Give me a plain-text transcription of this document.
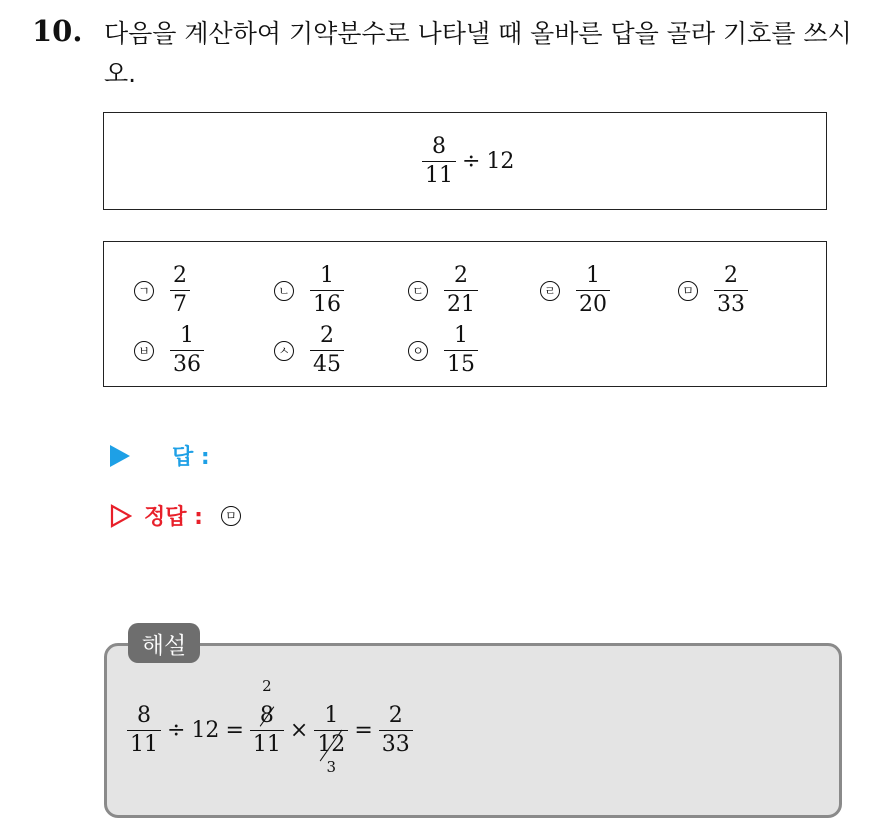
10. 다음을 계산하여 기약분수로 나타낼 때 올바른 답을 골라 기호를 쓰시오.
$\frac{8}{11} \div 12$
ㄱ $\frac{2}{7}$	ㄴ $\frac{1}{16}$	ㄷ $\frac{2}{21}$	ㄹ $\frac{1}{20}$	ㅁ $\frac{2}{33}$
ㅂ $\frac{1}{36}$	ㅅ $\frac{2}{45}$	ㅇ $\frac{1}{15}$
답 :
정답 :	ㅁ
해설
$\frac{8}{11} \div 12$ =
2
8
11
×
1
12
3
= $\frac{2}{33}$
